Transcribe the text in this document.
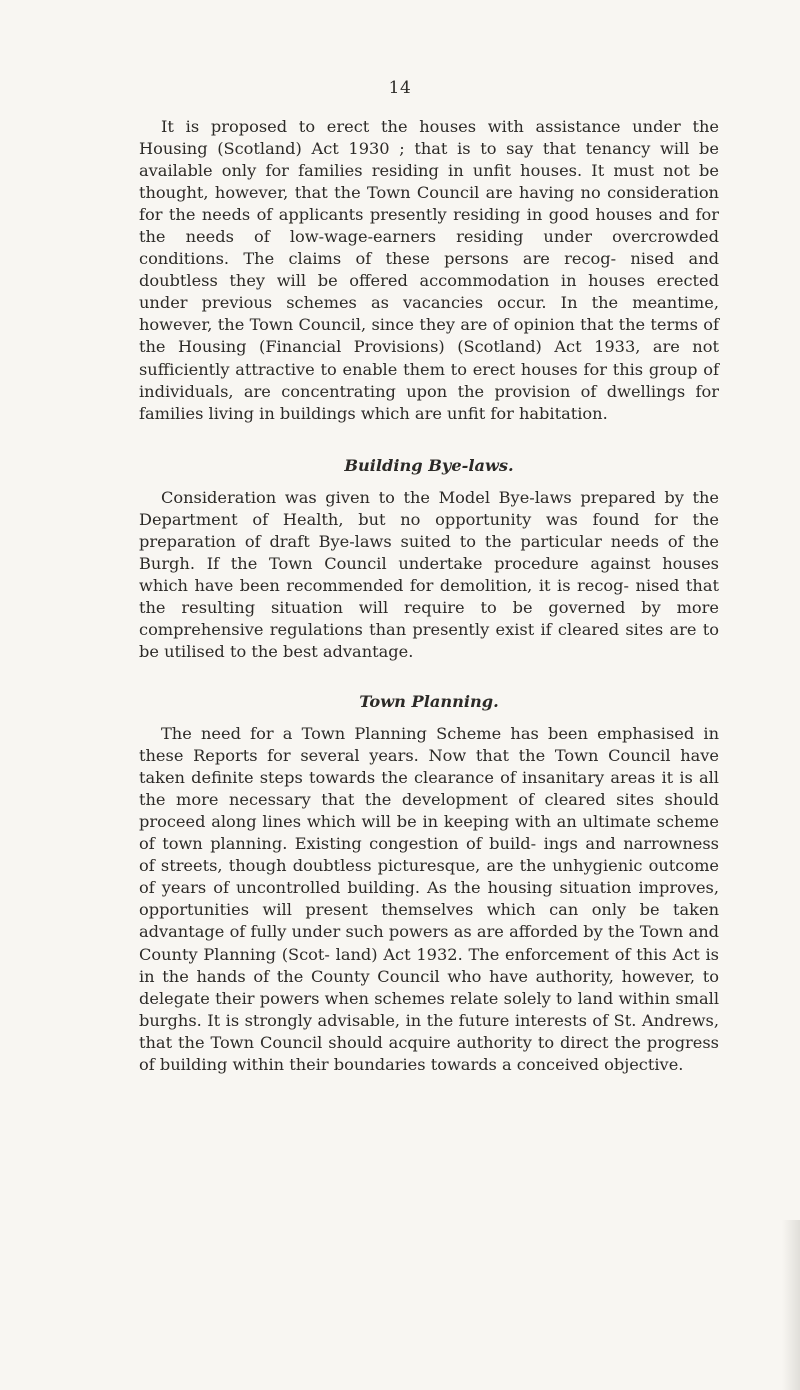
14

It is proposed to erect the houses with assistance under the Housing (Scotland) Act 1930 ; that is to say that tenancy will be available only for families residing in unfit houses. It must not be thought, however, that the Town Council are having no consideration for the needs of applicants presently residing in good houses and for the needs of low-wage-earners residing under overcrowded conditions. The claims of these persons are recog- nised and doubtless they will be offered accommodation in houses erected under previous schemes as vacancies occur. In the meantime, however, the Town Council, since they are of opinion that the terms of the Housing (Financial Provisions) (Scotland) Act 1933, are not sufficiently attractive to enable them to erect houses for this group of individuals, are concentrating upon the provision of dwellings for families living in buildings which are unfit for habitation.

Building Bye-laws.

Consideration was given to the Model Bye-laws prepared by the Department of Health, but no opportunity was found for the preparation of draft Bye-laws suited to the particular needs of the Burgh. If the Town Council undertake procedure against houses which have been recommended for demolition, it is recog- nised that the resulting situation will require to be governed by more comprehensive regulations than presently exist if cleared sites are to be utilised to the best advantage.

Town Planning.

The need for a Town Planning Scheme has been emphasised in these Reports for several years. Now that the Town Council have taken definite steps towards the clearance of insanitary areas it is all the more necessary that the development of cleared sites should proceed along lines which will be in keeping with an ultimate scheme of town planning. Existing congestion of build- ings and narrowness of streets, though doubtless picturesque, are the unhygienic outcome of years of uncontrolled building. As the housing situation improves, opportunities will present themselves which can only be taken advantage of fully under such powers as are afforded by the Town and County Planning (Scot- land) Act 1932. The enforcement of this Act is in the hands of the County Council who have authority, however, to delegate their powers when schemes relate solely to land within small burghs. It is strongly advisable, in the future interests of St. Andrews, that the Town Council should acquire authority to direct the progress of building within their boundaries towards a conceived objective.
